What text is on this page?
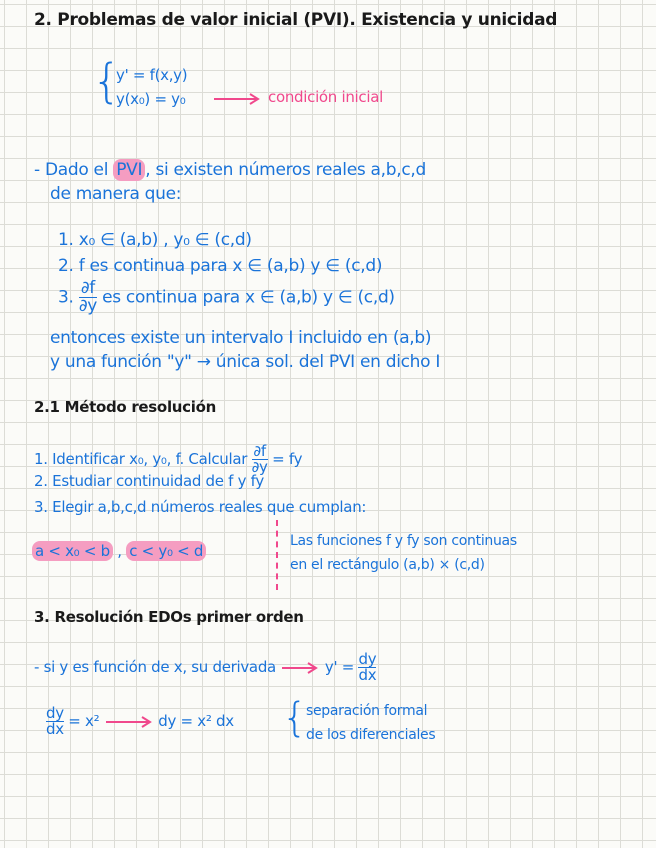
2. Problemas de valor inicial (PVI). Existencia y unicidad
{
y' = f(x,y)
y(x₀) = y₀	condición inicial
- Dado el PVI , si existen números reales a,b,c,d
de manera que:
1. x₀ ∈ (a,b) , y₀ ∈ (c,d)
2. f es continua para x ∈ (a,b) y ∈ (c,d)
3. $\frac{\partial f}{\partial y}$ es continua para x ∈ (a,b) y ∈ (c,d)
entonces existe un intervalo I incluido en (a,b)
y una función "y" → única sol. del PVI en dicho I
2.1 Método resolución
1. Identificar x₀, y₀, f. Calcular $\frac{\partial f}{\partial y}$ = fy
2. Estudiar continuidad de f y fy
3. Elegir a,b,c,d números reales que cumplan:
a < x₀ < b , c < y₀ < d
Las funciones f y fy son continuas
en el rectángulo (a,b) × (c,d)
3. Resolución EDOs primer orden
- si y es función de x, su derivada	$y' = \frac{dy}{dx}$
$\frac{dy}{dx} = x^2$	dy = x² dx {
separación formal
de los diferenciales
